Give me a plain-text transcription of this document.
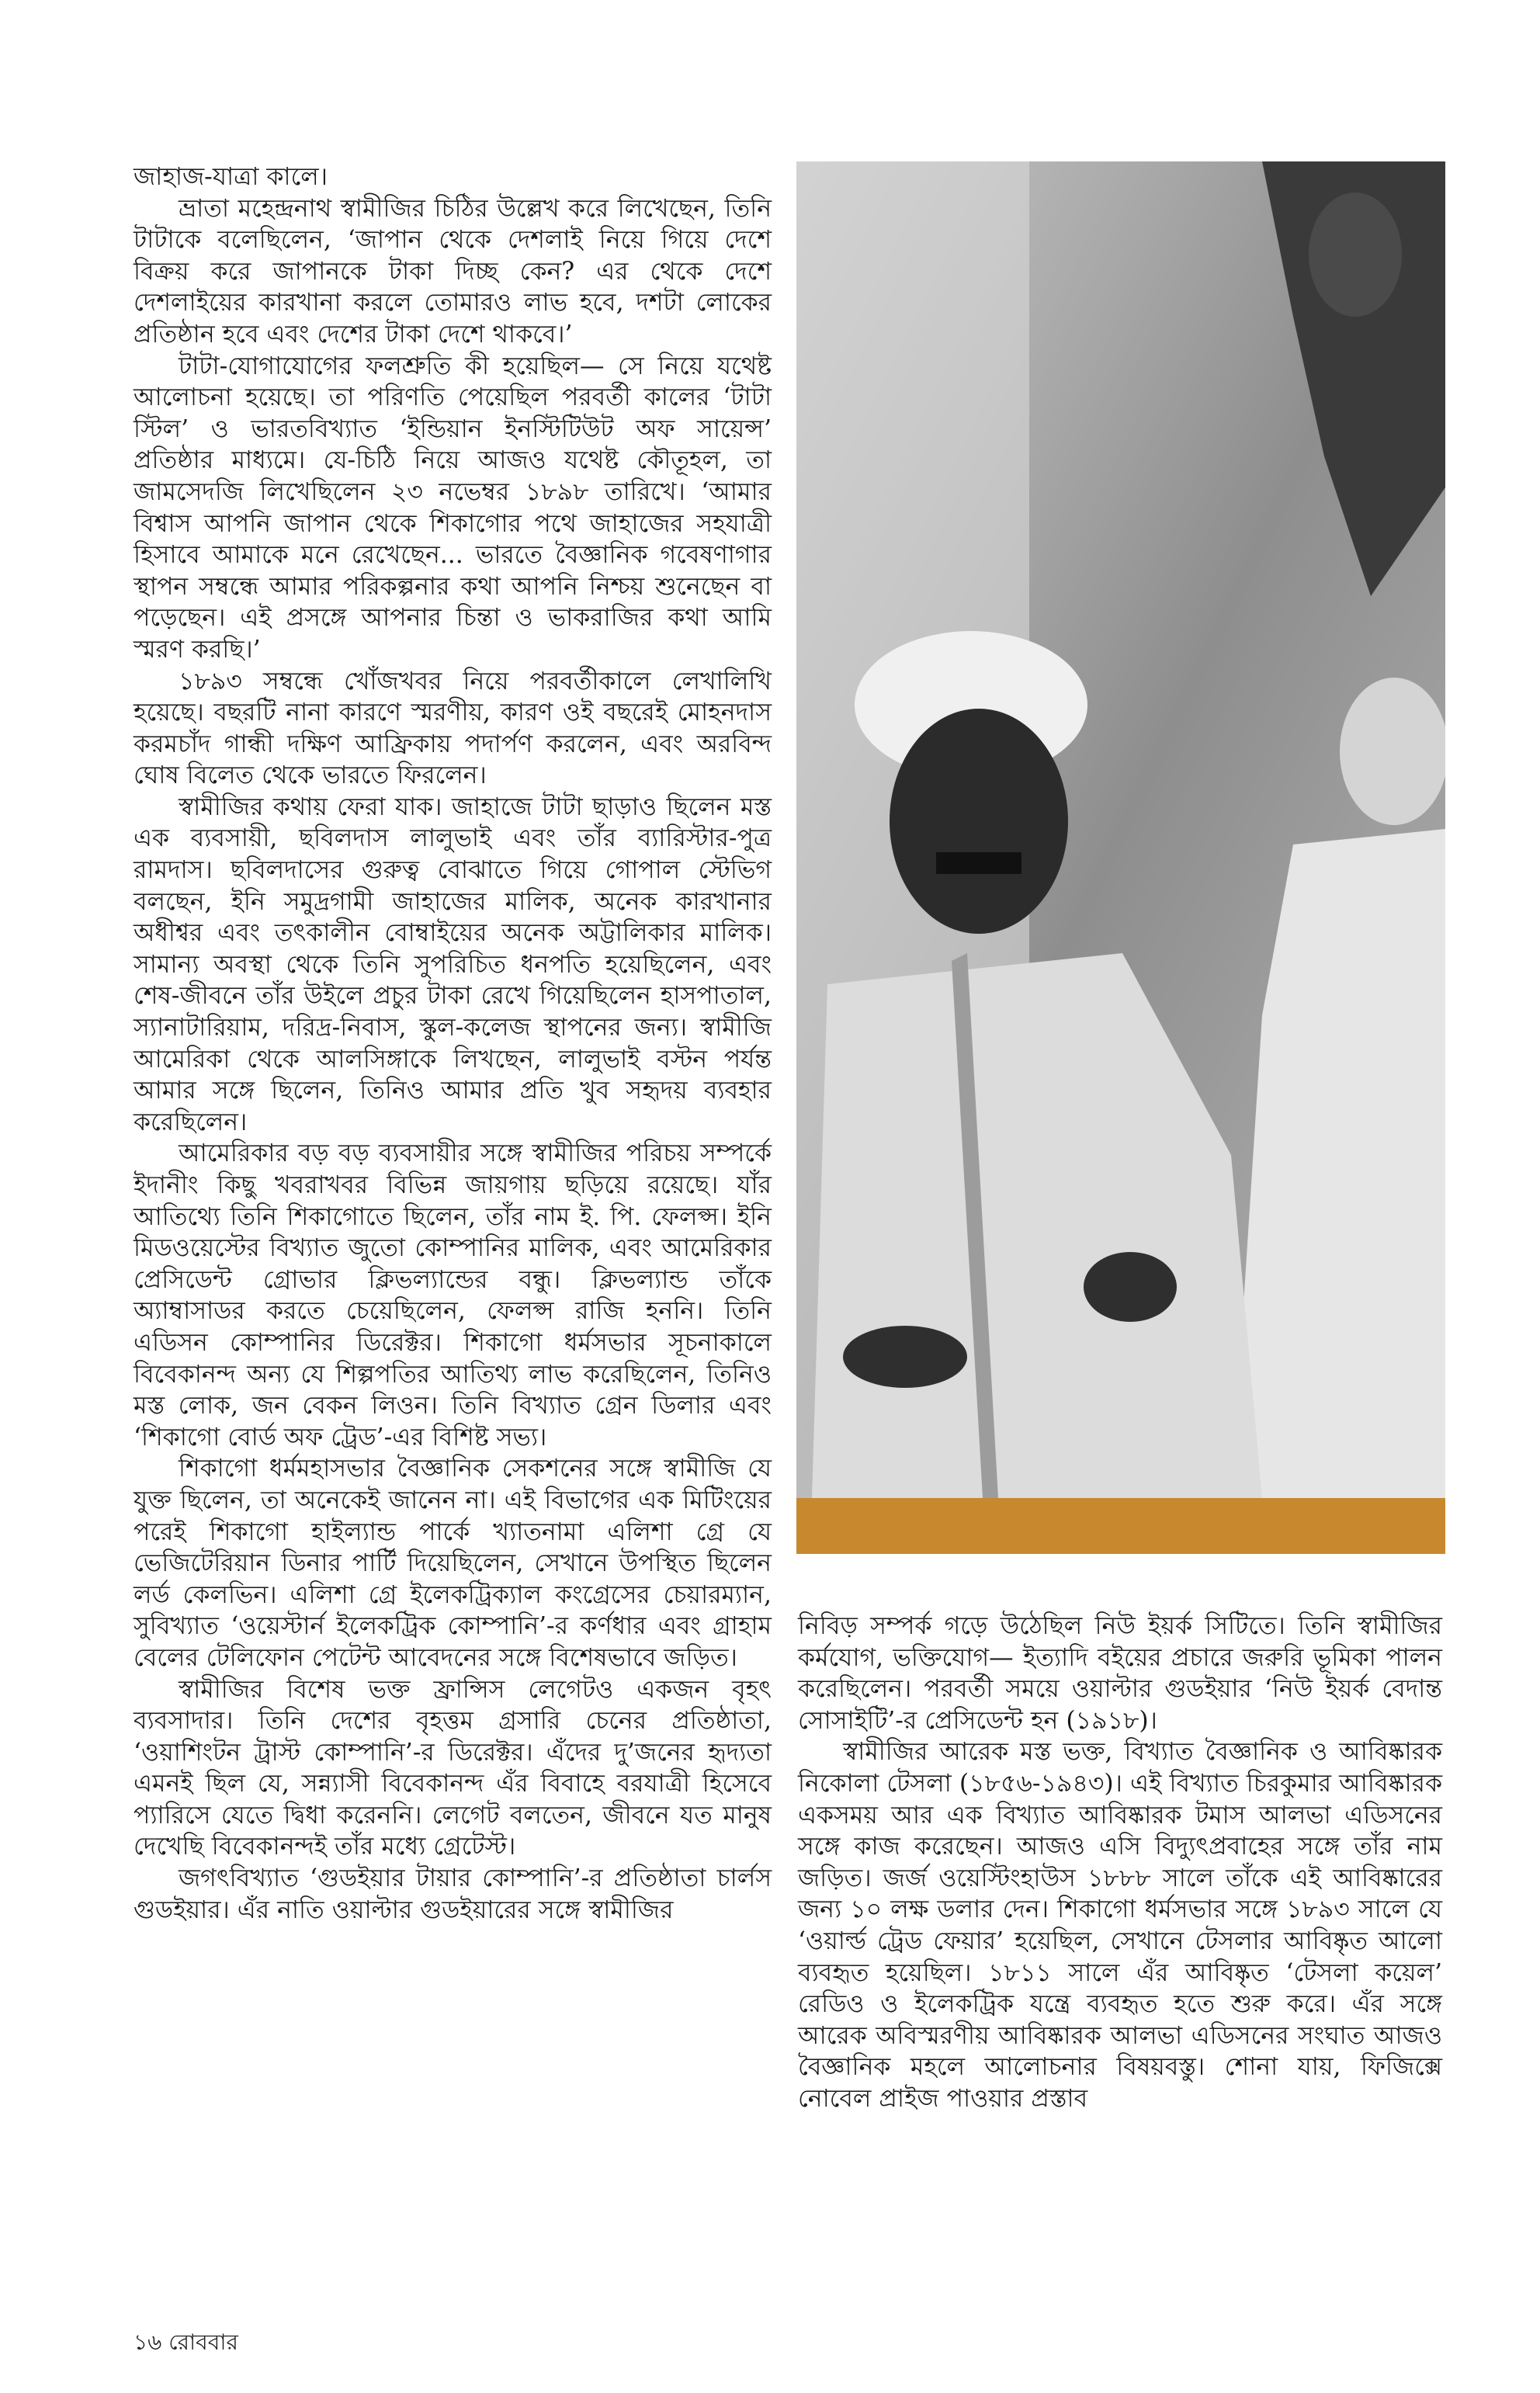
জাহাজ-যাত্রা কালে।

ভ্রাতা মহেন্দ্রনাথ স্বামীজির চিঠির উল্লেখ করে লিখেছেন, তিনি টাটাকে বলেছিলেন, ‘জাপান থেকে দেশলাই নিয়ে গিয়ে দেশে বিক্রয় করে জাপানকে টাকা দিচ্ছ কেন? এর থেকে দেশে দেশলাইয়ের কারখানা করলে তোমারও লাভ হবে, দশটা লোকের প্রতিষ্ঠান হবে এবং দেশের টাকা দেশে থাকবে।’

টাটা-যোগাযোগের ফলশ্রুতি কী হয়েছিল— সে নিয়ে যথেষ্ট আলোচনা হয়েছে। তা পরিণতি পেয়েছিল পরবর্তী কালের ‘টাটা স্টিল’ ও ভারতবিখ্যাত ‘ইন্ডিয়ান ইনস্টিটিউট অফ সায়েন্স’ প্রতিষ্ঠার মাধ্যমে। যে-চিঠি নিয়ে আজও যথেষ্ট কৌতূহল, তা জামসেদজি লিখেছিলেন ২৩ নভেম্বর ১৮৯৮ তারিখে। ‘আমার বিশ্বাস আপনি জাপান থেকে শিকাগোর পথে জাহাজের সহযাত্রী হিসাবে আমাকে মনে রেখেছেন... ভারতে বৈজ্ঞানিক গবেষণাগার স্থাপন সম্বন্ধে আমার পরিকল্পনার কথা আপনি নিশ্চয় শুনেছেন বা পড়েছেন। এই প্রসঙ্গে আপনার চিন্তা ও ভাকরাজির কথা আমি স্মরণ করছি।’

১৮৯৩ সম্বন্ধে খোঁজখবর নিয়ে পরবর্তীকালে লেখালিখি হয়েছে। বছরটি নানা কারণে স্মরণীয়, কারণ ওই বছরেই মোহনদাস করমচাঁদ গান্ধী দক্ষিণ আফ্রিকায় পদার্পণ করলেন, এবং অরবিন্দ ঘোষ বিলেত থেকে ভারতে ফিরলেন।

স্বামীজির কথায় ফেরা যাক। জাহাজে টাটা ছাড়াও ছিলেন মস্ত এক ব্যবসায়ী, ছবিলদাস লালুভাই এবং তাঁর ব্যারিস্টার-পুত্র রামদাস। ছবিলদাসের গুরুত্ব বোঝাতে গিয়ে গোপাল স্টেভিগ বলছেন, ইনি সমুদ্রগামী জাহাজের মালিক, অনেক কারখানার অধীশ্বর এবং তৎকালীন বোম্বাইয়ের অনেক অট্টালিকার মালিক। সামান্য অবস্থা থেকে তিনি সুপরিচিত ধনপতি হয়েছিলেন, এবং শেষ-জীবনে তাঁর উইলে প্রচুর টাকা রেখে গিয়েছিলেন হাসপাতাল, স্যানাটারিয়াম, দরিদ্র-নিবাস, স্কুল-কলেজ স্থাপনের জন্য। স্বামীজি আমেরিকা থেকে আলসিঙ্গাকে লিখছেন, লালুভাই বস্টন পর্যন্ত আমার সঙ্গে ছিলেন, তিনিও আমার প্রতি খুব সহৃদয় ব্যবহার করেছিলেন।

আমেরিকার বড় বড় ব্যবসায়ীর সঙ্গে স্বামীজির পরিচয় সম্পর্কে ইদানীং কিছু খবরাখবর বিভিন্ন জায়গায় ছড়িয়ে রয়েছে। যাঁর আতিথ্যে তিনি শিকাগোতে ছিলেন, তাঁর নাম ই. পি. ফেলপ্স। ইনি মিডওয়েস্টের বিখ্যাত জুতো কোম্পানির মালিক, এবং আমেরিকার প্রেসিডেন্ট গ্রোভার ক্লিভল্যান্ডের বন্ধু। ক্লিভল্যান্ড তাঁকে অ্যাম্বাসাডর করতে চেয়েছিলেন, ফেলপ্স রাজি হননি। তিনি এডিসন কোম্পানির ডিরেক্টর। শিকাগো ধর্মসভার সূচনাকালে বিবেকানন্দ অন্য যে শিল্পপতির আতিথ্য লাভ করেছিলেন, তিনিও মস্ত লোক, জন বেকন লিওন। তিনি বিখ্যাত গ্রেন ডিলার এবং ‘শিকাগো বোর্ড অফ ট্রেড’-এর বিশিষ্ট সভ্য।

শিকাগো ধর্মমহাসভার বৈজ্ঞানিক সেকশনের সঙ্গে স্বামীজি যে যুক্ত ছিলেন, তা অনেকেই জানেন না। এই বিভাগের এক মিটিংয়ের পরেই শিকাগো হাইল্যান্ড পার্কে খ্যাতনামা এলিশা গ্রে যে ভেজিটেরিয়ান ডিনার পার্টি দিয়েছিলেন, সেখানে উপস্থিত ছিলেন লর্ড কেলভিন। এলিশা গ্রে ইলেকট্রিক্যাল কংগ্রেসের চেয়ারম্যান, সুবিখ্যাত ‘ওয়েস্টার্ন ইলেকট্রিক কোম্পানি’-র কর্ণধার এবং গ্রাহাম বেলের টেলিফোন পেটেন্ট আবেদনের সঙ্গে বিশেষভাবে জড়িত।

স্বামীজির বিশেষ ভক্ত ফ্রান্সিস লেগেটও একজন বৃহৎ ব্যবসাদার। তিনি দেশের বৃহত্তম গ্রসারি চেনের প্রতিষ্ঠাতা, ‘ওয়াশিংটন ট্রাস্ট কোম্পানি’-র ডিরেক্টর। এঁদের দু’জনের হৃদ্যতা এমনই ছিল যে, সন্ন্যাসী বিবেকানন্দ এঁর বিবাহে বরযাত্রী হিসেবে প্যারিসে যেতে দ্বিধা করেননি। লেগেট বলতেন, জীবনে যত মানুষ দেখেছি বিবেকানন্দই তাঁর মধ্যে গ্রেটেস্ট।

জগৎবিখ্যাত ‘গুডইয়ার টায়ার কোম্পানি’-র প্রতিষ্ঠাতা চার্লস গুডইয়ার। এঁর নাতি ওয়াল্টার গুডইয়ারের সঙ্গে স্বামীজির

নিবিড় সম্পর্ক গড়ে উঠেছিল নিউ ইয়র্ক সিটিতে। তিনি স্বামীজির কর্মযোগ, ভক্তিযোগ— ইত্যাদি বইয়ের প্রচারে জরুরি ভূমিকা পালন করেছিলেন। পরবর্তী সময়ে ওয়াল্টার গুডইয়ার ‘নিউ ইয়র্ক বেদান্ত সোসাইটি’-র প্রেসিডেন্ট হন (১৯১৮)।

স্বামীজির আরেক মস্ত ভক্ত, বিখ্যাত বৈজ্ঞানিক ও আবিষ্কারক নিকোলা টেসলা (১৮৫৬-১৯৪৩)। এই বিখ্যাত চিরকুমার আবিষ্কারক একসময় আর এক বিখ্যাত আবিষ্কারক টমাস আলভা এডিসনের সঙ্গে কাজ করেছেন। আজও এসি বিদ্যুৎপ্রবাহের সঙ্গে তাঁর নাম জড়িত। জর্জ ওয়েস্টিংহাউস ১৮৮৮ সালে তাঁকে এই আবিষ্কারের জন্য ১০ লক্ষ ডলার দেন। শিকাগো ধর্মসভার সঙ্গে ১৮৯৩ সালে যে ‘ওয়ার্ল্ড ট্রেড ফেয়ার’ হয়েছিল, সেখানে টেসলার আবিষ্কৃত আলো ব্যবহৃত হয়েছিল। ১৮১১ সালে এঁর আবিষ্কৃত ‘টেসলা কয়েল’ রেডিও ও ইলেকট্রিক যন্ত্রে ব্যবহৃত হতে শুরু করে। এঁর সঙ্গে আরেক অবিস্মরণীয় আবিষ্কারক আলভা এডিসনের সংঘাত আজও বৈজ্ঞানিক মহলে আলোচনার বিষয়বস্তু। শোনা যায়, ফিজিক্সে নোবেল প্রাইজ পাওয়ার প্রস্তাব

১৬ রোববার
